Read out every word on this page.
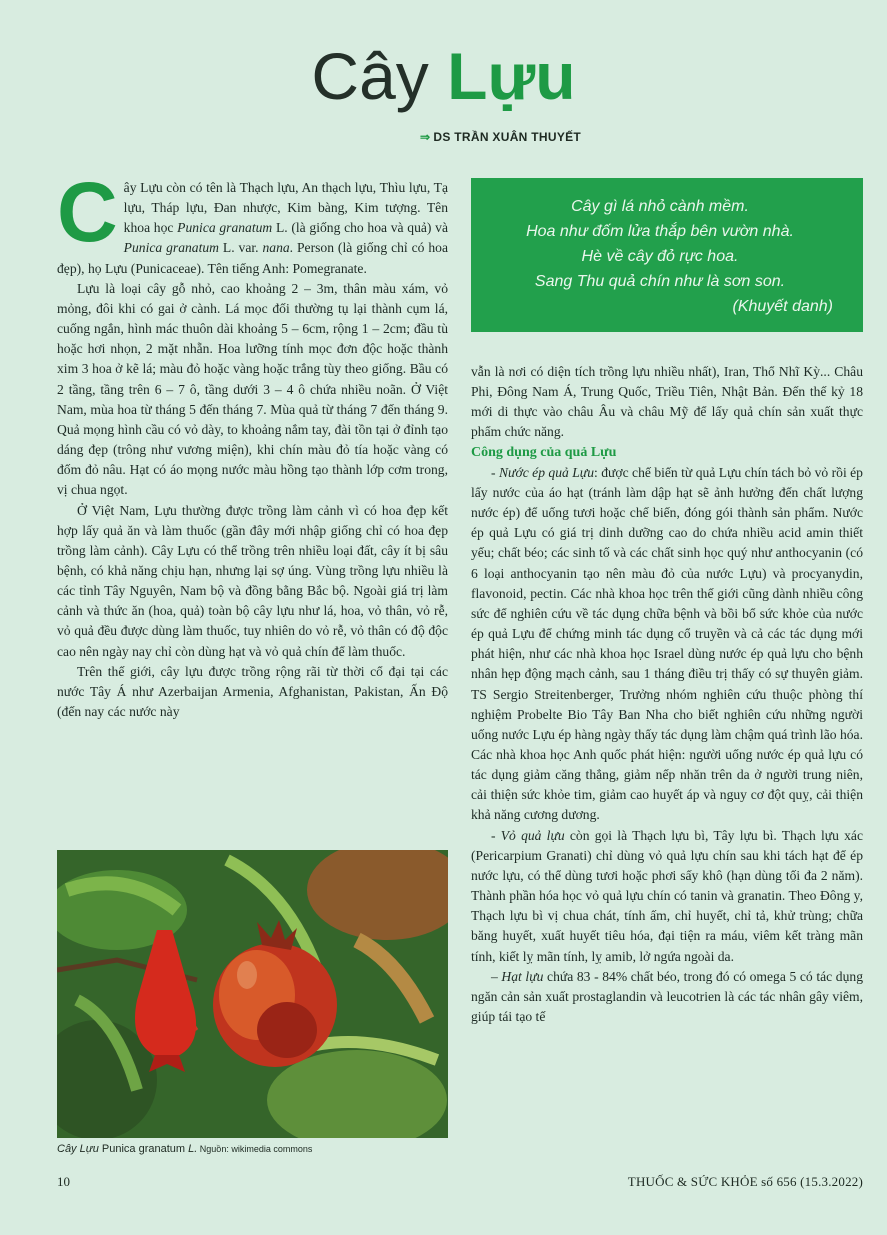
Cây Lựu
⇒ DS TRẦN XUÂN THUYẾT

Cây Lựu còn có tên là Thạch lựu, An thạch lựu, Thìu lựu, Tạ lựu, Tháp lựu, Đan nhược, Kim bàng, Kim tượng. Tên khoa học Punica granatum L. (là giống cho hoa và quả) và Punica granatum L. var. nana. Person (là giống chỉ có hoa đẹp), họ Lựu (Punicaceae). Tên tiếng Anh: Pomegranate.

Lựu là loại cây gỗ nhỏ, cao khoảng 2 – 3m, thân màu xám, vỏ mỏng, đôi khi có gai ở cành. Lá mọc đối thường tụ lại thành cụm lá, cuống ngắn, hình mác thuôn dài khoảng 5 – 6cm, rộng 1 – 2cm; đầu tù hoặc hơi nhọn, 2 mặt nhẵn. Hoa lưỡng tính mọc đơn độc hoặc thành xim 3 hoa ở kẽ lá; màu đỏ hoặc vàng hoặc trắng tùy theo giống. Bầu có 2 tầng, tầng trên 6 – 7 ô, tầng dưới 3 – 4 ô chứa nhiều noãn. Ở Việt Nam, mùa hoa từ tháng 5 đến tháng 7. Mùa quả từ tháng 7 đến tháng 9. Quả mọng hình cầu có vỏ dày, to khoảng nắm tay, đài tồn tại ở đỉnh tạo dáng đẹp (trông như vương miện), khi chín màu đỏ tía hoặc vàng có đốm đỏ nâu. Hạt có áo mọng nước màu hồng tạo thành lớp cơm trong, vị chua ngọt.

Ở Việt Nam, Lựu thường được trồng làm cảnh vì có hoa đẹp kết hợp lấy quả ăn và làm thuốc (gần đây mới nhập giống chỉ có hoa đẹp trồng làm cảnh). Cây Lựu có thể trồng trên nhiều loại đất, cây ít bị sâu bệnh, có khả năng chịu hạn, nhưng lại sợ úng. Vùng trồng lựu nhiều là các tỉnh Tây Nguyên, Nam bộ và đồng bằng Bắc bộ. Ngoài giá trị làm cảnh và thức ăn (hoa, quả) toàn bộ cây lựu như lá, hoa, vỏ thân, vỏ rễ, vỏ quả đều được dùng làm thuốc, tuy nhiên do vỏ rễ, vỏ thân có độ độc cao nên ngày nay chỉ còn dùng hạt và vỏ quả chín để làm thuốc.

Trên thế giới, cây lựu được trồng rộng rãi từ thời cổ đại tại các nước Tây Á như Azerbaijan Armenia, Afghanistan, Pakistan, Ấn Độ (đến nay các nước này

Cây gì lá nhỏ cành mềm.
Hoa như đốm lửa thắp bên vườn nhà.
Hè về cây đỏ rực hoa.
Sang Thu quả chín như là sơn son.
(Khuyết danh)

vẫn là nơi có diện tích trồng lựu nhiều nhất), Iran, Thổ Nhĩ Kỳ... Châu Phi, Đông Nam Á, Trung Quốc, Triều Tiên, Nhật Bản. Đến thế kỷ 18 mới di thực vào châu Âu và châu Mỹ để lấy quả chín sản xuất thực phẩm chức năng.

Công dụng của quả Lựu

- Nước ép quả Lựu: được chế biến từ quả Lựu chín tách bỏ vỏ rồi ép lấy nước của áo hạt (tránh làm dập hạt sẽ ảnh hưởng đến chất lượng nước ép) để uống tươi hoặc chế biến, đóng gói thành sản phẩm. Nước ép quả Lựu có giá trị dinh dưỡng cao do chứa nhiều acid amin thiết yếu; chất béo; các sinh tố và các chất sinh học quý như anthocyanin (có 6 loại anthocyanin tạo nên màu đỏ của nước Lựu) và procyanydin, flavonoid, pectin. Các nhà khoa học trên thế giới cũng dành nhiều công sức để nghiên cứu về tác dụng chữa bệnh và bồi bổ sức khỏe của nước ép quả Lựu để chứng minh tác dụng cổ truyền và cả các tác dụng mới phát hiện, như các nhà khoa học Israel dùng nước ép quả lựu cho bệnh nhân hẹp động mạch cảnh, sau 1 tháng điều trị thấy có sự thuyên giảm. TS Sergio Streitenberger, Trưởng nhóm nghiên cứu thuộc phòng thí nghiệm Probelte Bio Tây Ban Nha cho biết nghiên cứu những người uống nước Lựu ép hàng ngày thấy tác dụng làm chậm quá trình lão hóa. Các nhà khoa học Anh quốc phát hiện: người uống nước ép quả lựu có tác dụng giảm căng thẳng, giảm nếp nhăn trên da ở người trung niên, cải thiện sức khỏe tim, giảm cao huyết áp và nguy cơ đột quỵ, cải thiện khả năng cương dương.

- Vỏ quả lựu còn gọi là Thạch lựu bì, Tây lựu bì. Thạch lựu xác (Pericarpium Granati) chỉ dùng vỏ quả lựu chín sau khi tách hạt để ép nước lựu, có thể dùng tươi hoặc phơi sấy khô (hạn dùng tối đa 2 năm). Thành phần hóa học vỏ quả lựu chín có tanin và granatin. Theo Đông y, Thạch lựu bì vị chua chát, tính ấm, chỉ huyết, chỉ tả, khử trùng; chữa băng huyết, xuất huyết tiêu hóa, đại tiện ra máu, viêm kết tràng mãn tính, kiết lỵ mãn tính, lỵ amib, lở ngứa ngoài da.

– Hạt lựu chứa 83 - 84% chất béo, trong đó có omega 5 có tác dụng ngăn cản sản xuất prostaglandin và leucotrien là các tác nhân gây viêm, giúp tái tạo tế

Cây Lựu Punica granatum L. Nguồn: wikimedia commons
10	THUỐC & SỨC KHỎE số 656 (15.3.2022)
